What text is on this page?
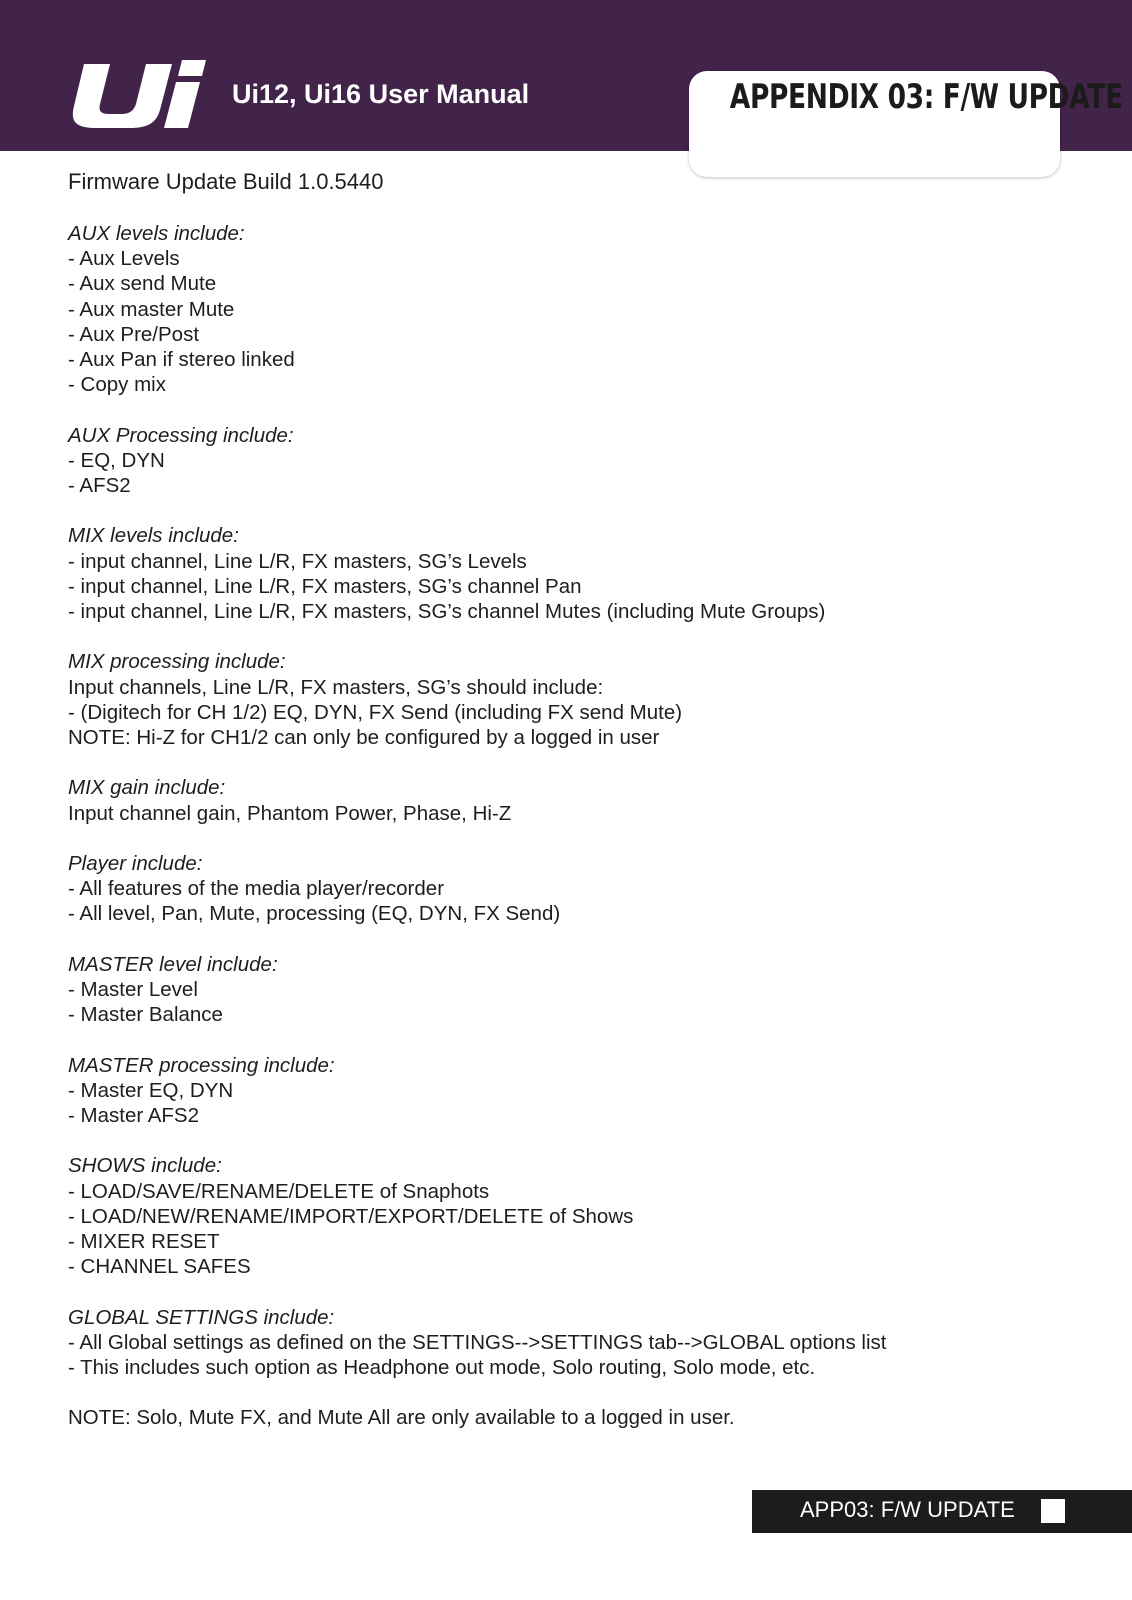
Ui12, Ui16 User Manual	APPENDIX 03: F/W UPDATE
Firmware Update Build 1.0.5440
AUX levels include:
- Aux Levels
- Aux send Mute
- Aux master Mute
- Aux Pre/Post
- Aux Pan if stereo linked
- Copy mix
AUX Processing include:
- EQ, DYN
- AFS2
MIX levels include:
- input channel, Line L/R, FX masters, SG’s Levels
- input channel, Line L/R, FX masters, SG’s channel Pan
- input channel, Line L/R, FX masters, SG’s channel Mutes (including Mute Groups)
MIX processing include:
Input channels, Line L/R, FX masters, SG’s should include:
- (Digitech for CH 1/2) EQ, DYN, FX Send (including FX send Mute)
NOTE: Hi-Z for CH1/2 can only be configured by a logged in user
MIX gain include:
Input channel gain, Phantom Power, Phase, Hi-Z
Player include:
- All features of the media player/recorder
- All level, Pan, Mute, processing (EQ, DYN, FX Send)
MASTER level include:
- Master Level
- Master Balance
MASTER processing include:
- Master EQ, DYN
- Master AFS2
SHOWS include:
- LOAD/SAVE/RENAME/DELETE of Snaphots
- LOAD/NEW/RENAME/IMPORT/EXPORT/DELETE of Shows
- MIXER RESET
- CHANNEL SAFES
GLOBAL SETTINGS include:
- All Global settings as defined on the SETTINGS-->SETTINGS tab-->GLOBAL options list
- This includes such option as Headphone out mode, Solo routing, Solo mode, etc.
NOTE: Solo, Mute FX, and Mute All are only available to a logged in user.
APP03: F/W UPDATE
